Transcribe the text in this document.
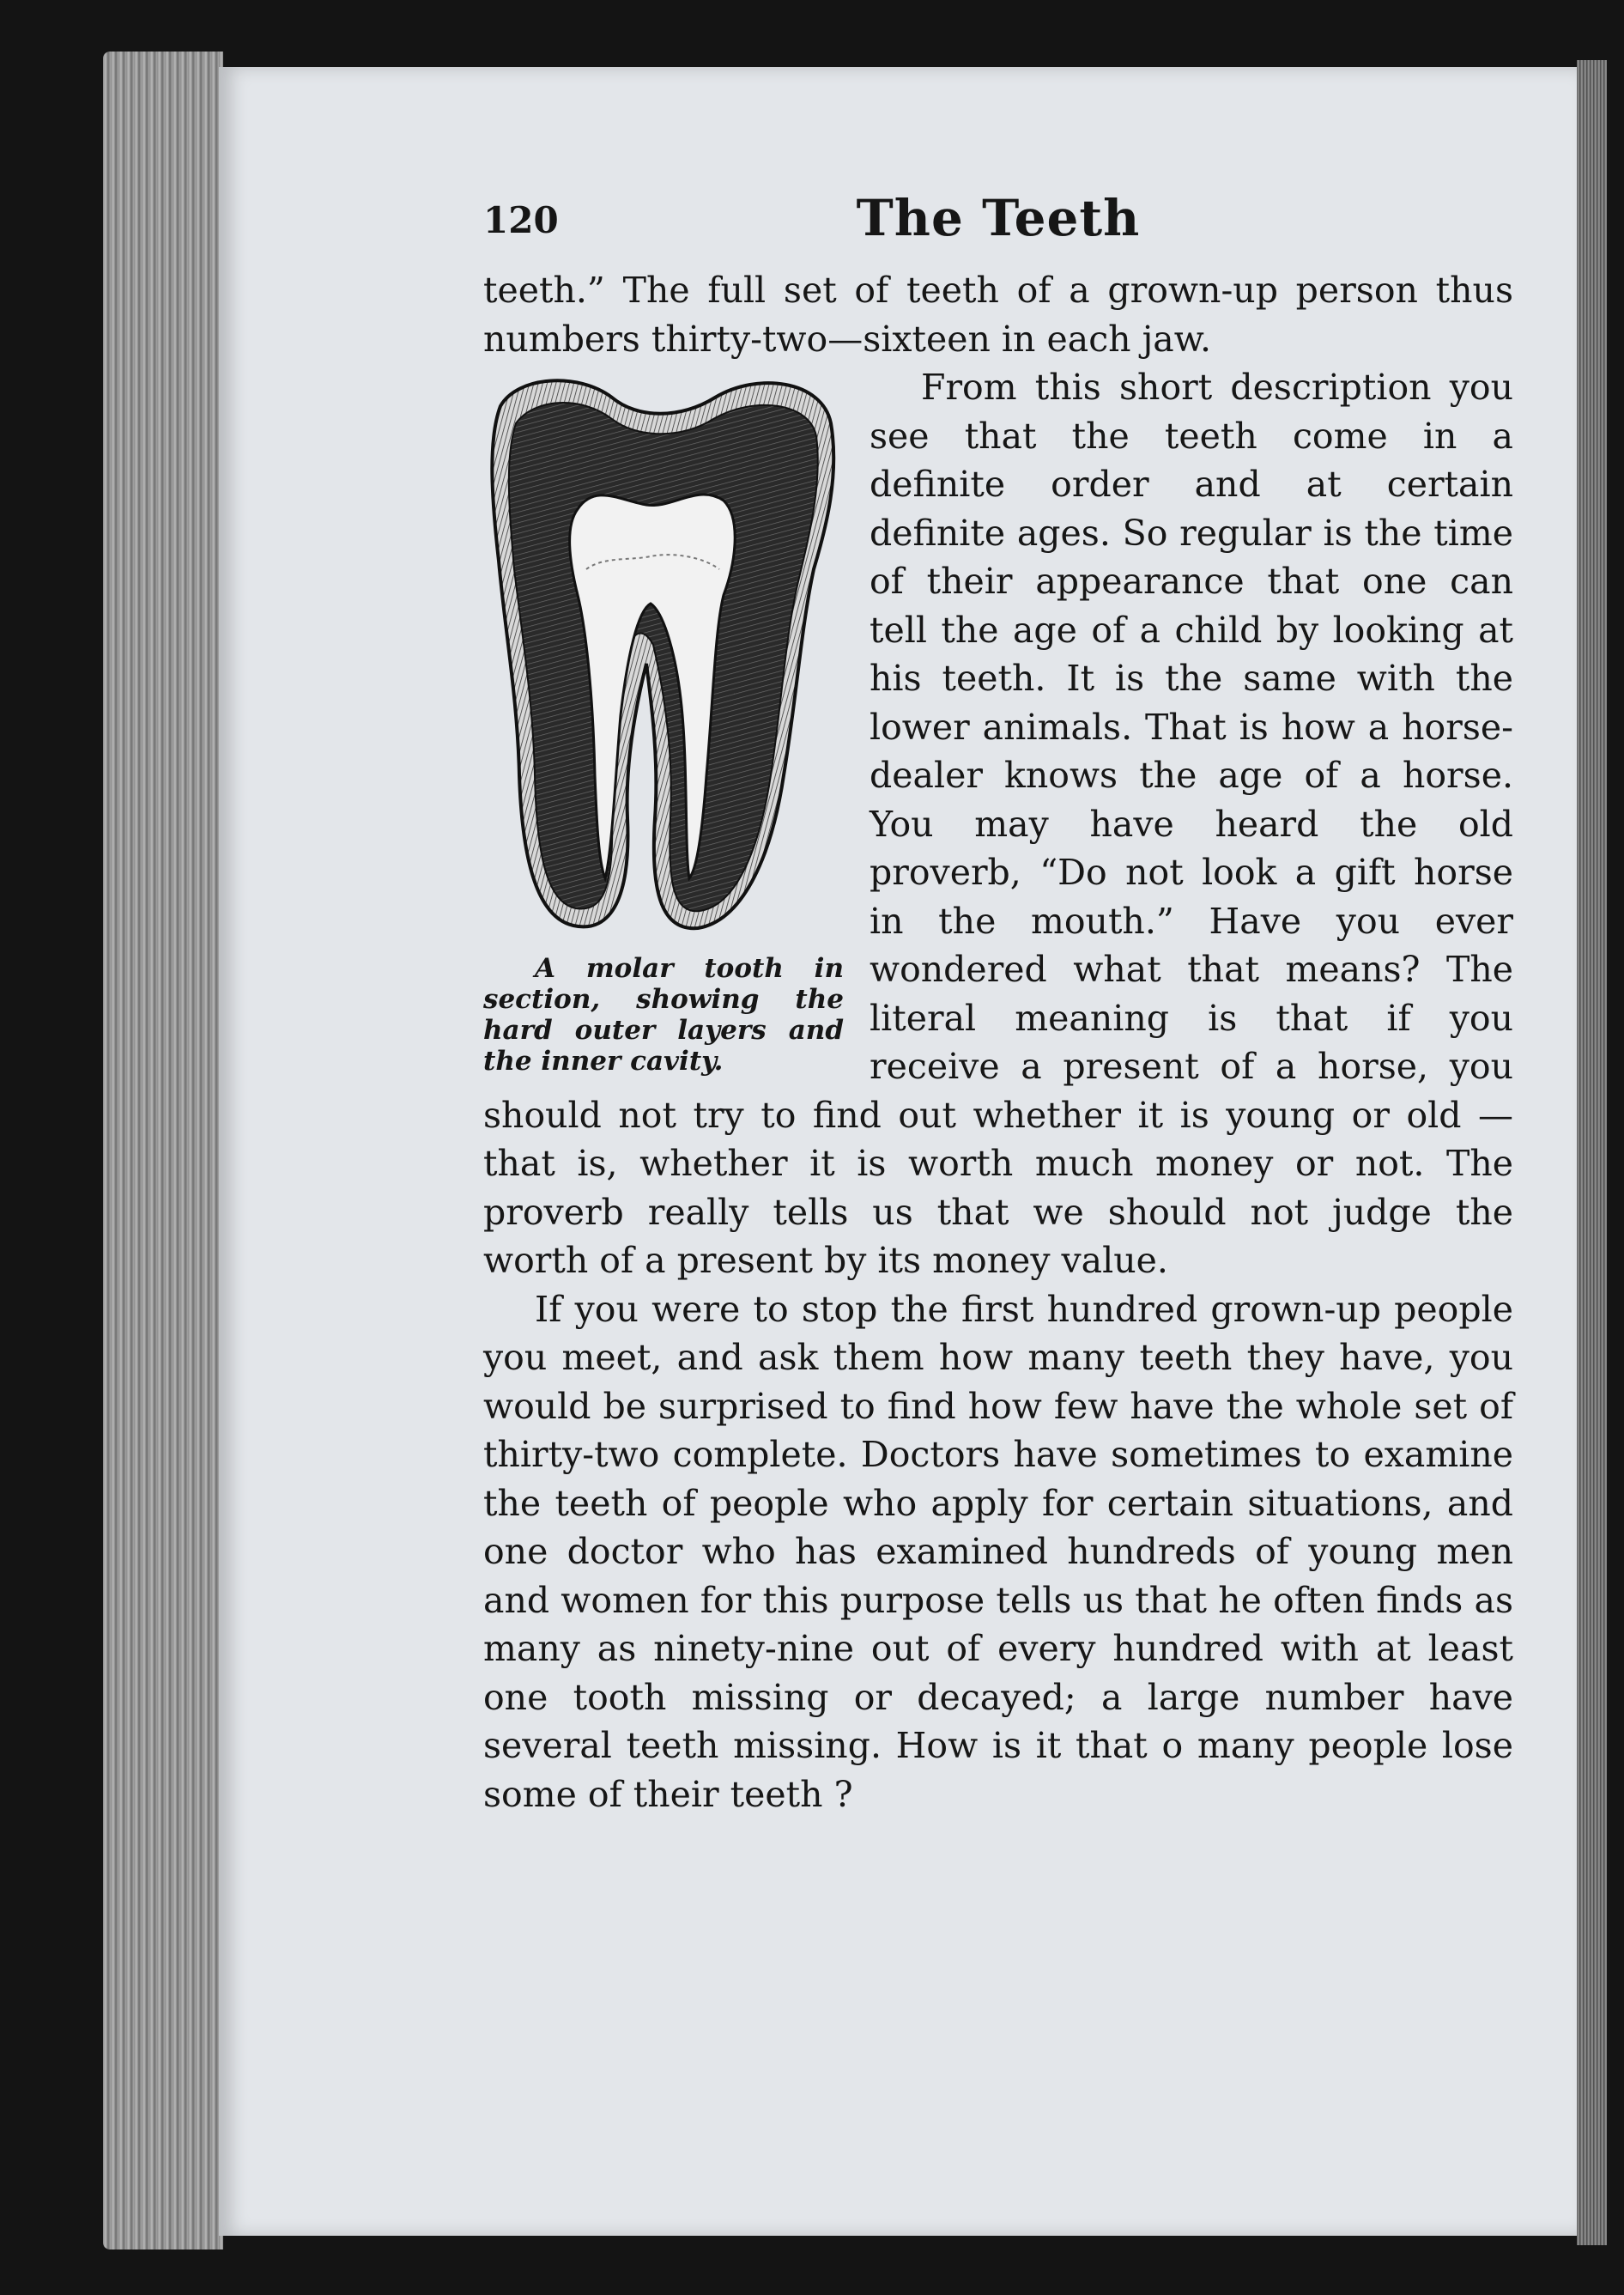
120	The Teeth

teeth.” The full set of teeth of a grown-up person thus numbers thirty-two—sixteen in each jaw.

A molar tooth in section, showing the hard outer layers and the inner cavity.
From this short description you see that the teeth come in a definite order and at certain definite ages. So regular is the time of their appearance that one can tell the age of a child by looking at his teeth. It is the same with the lower animals. That is how a horse-dealer knows the age of a horse. You may have heard the old proverb, “Do not look a gift horse in the mouth.” Have you ever wondered what that means? The literal meaning is that if you receive a present of a horse, you should not try to find out whether it is young or old — that is, whether it is worth much money or not. The proverb really tells us that we should not judge the worth of a present by its money value.

If you were to stop the first hundred grown-up people you meet, and ask them how many teeth they have, you would be surprised to find how few have the whole set of thirty-two complete. Doctors have sometimes to examine the teeth of people who apply for certain situations, and one doctor who has examined hundreds of young men and women for this purpose tells us that he often finds as many as ninety-nine out of every hundred with at least one tooth missing or decayed; a large number have several teeth missing. How is it that o many people lose some of their teeth ?
